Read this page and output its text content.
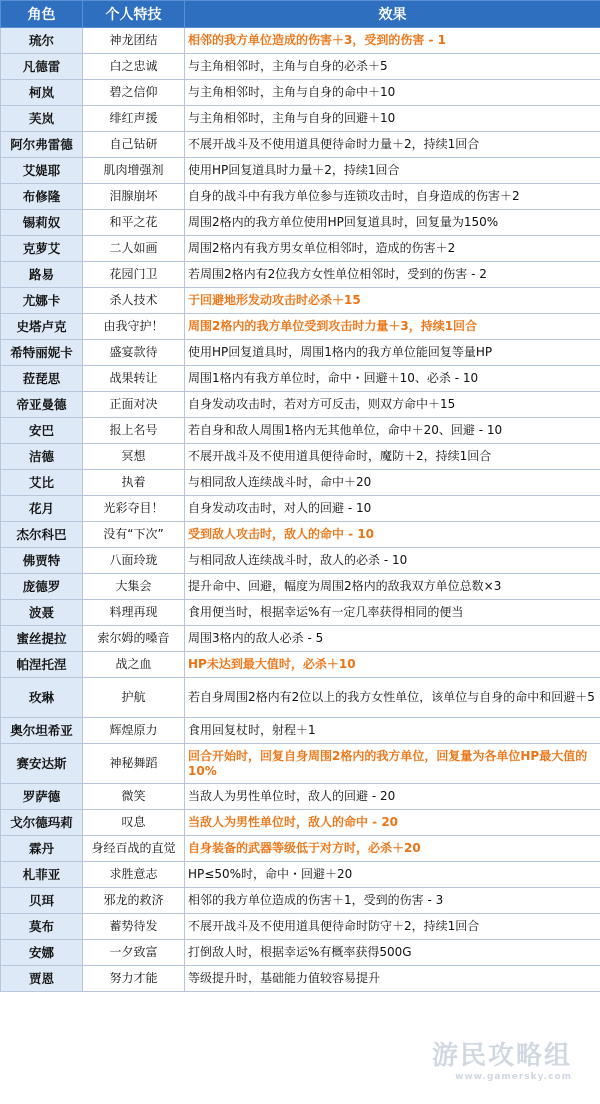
角色	个人特技	效果
琉尔	神龙团结	相邻的我方单位造成的伤害＋3，受到的伤害 - 1
凡德雷	白之忠诚	与主角相邻时，主角与自身的必杀＋5
柯岚	碧之信仰	与主角相邻时，主角与自身的命中＋10
芙岚	绯红声援	与主角相邻时，主角与自身的回避＋10
阿尔弗雷德	自己钻研	不展开战斗及不使用道具便待命时力量＋2，持续1回合
艾媞耶	肌肉增强剂	使用HP回复道具时力量＋2，持续1回合
布修隆	泪腺崩坏	自身的战斗中有我方单位参与连锁攻击时，自身造成的伤害＋2
锡莉奴	和平之花	周围2格内的我方单位使用HP回复道具时，回复量为150%
克萝艾	二人如画	周围2格内有我方男女单位相邻时，造成的伤害＋2
路易	花园门卫	若周围2格内有2位我方女性单位相邻时，受到的伤害 - 2
尤娜卡	杀人技术	于回避地形发动攻击时必杀＋15
史塔卢克	由我守护！	周围2格内的我方单位受到攻击时力量＋3，持续1回合
希特丽妮卡	盛宴款待	使用HP回复道具时，周围1格内的我方单位能回复等量HP
菈琵思	战果转让	周围1格内有我方单位时，命中・回避＋10、必杀 - 10
帝亚曼德	正面对决	自身发动攻击时，若对方可反击，则双方命中＋15
安巴	报上名号	若自身和敌人周围1格内无其他单位，命中＋20、回避 - 10
洁德	冥想	不展开战斗及不使用道具便待命时，魔防＋2，持续1回合
艾比	执着	与相同敌人连续战斗时，命中＋20
花月	光彩夺目！	自身发动攻击时，对人的回避 - 10
杰尔科巴	没有“下次”	受到敌人攻击时，敌人的命中 - 10
佛贾特	八面玲珑	与相同敌人连续战斗时，敌人的必杀 - 10
庞德罗	大集会	提升命中、回避，幅度为周围2格内的敌我双方单位总数×3
波聂	料理再现	食用便当时，根据幸运%有一定几率获得相同的便当
蜜丝提拉	索尔姆的嗓音	周围3格内的敌人必杀 - 5
帕涅托涅	战之血	HP未达到最大值时，必杀＋10
玫琳	护航	若自身周围2格内有2位以上的我方女性单位，该单位与自身的命中和回避＋5
奥尔坦希亚	辉煌原力	食用回复杖时，射程＋1
赛安达斯	神秘舞蹈	回合开始时，回复自身周围2格内的我方单位，回复量为各单位HP最大值的10%
罗萨德	微笑	当敌人为男性单位时，敌人的回避 - 20
戈尔德玛莉	叹息	当敌人为男性单位时，敌人的命中 - 20
霖丹	身经百战的直觉	自身装备的武器等级低于对方时，必杀＋20
札菲亚	求胜意志	HP≤50%时，命中・回避＋20
贝珥	邪龙的救济	相邻的我方单位造成的伤害＋1，受到的伤害 - 3
莫布	蓄势待发	不展开战斗及不使用道具便待命时防守＋2，持续1回合
安娜	一夕致富	打倒敌人时，根据幸运%有概率获得500G
贾恩	努力才能	等级提升时，基础能力值较容易提升
游民攻略组
www.gamersky.com
